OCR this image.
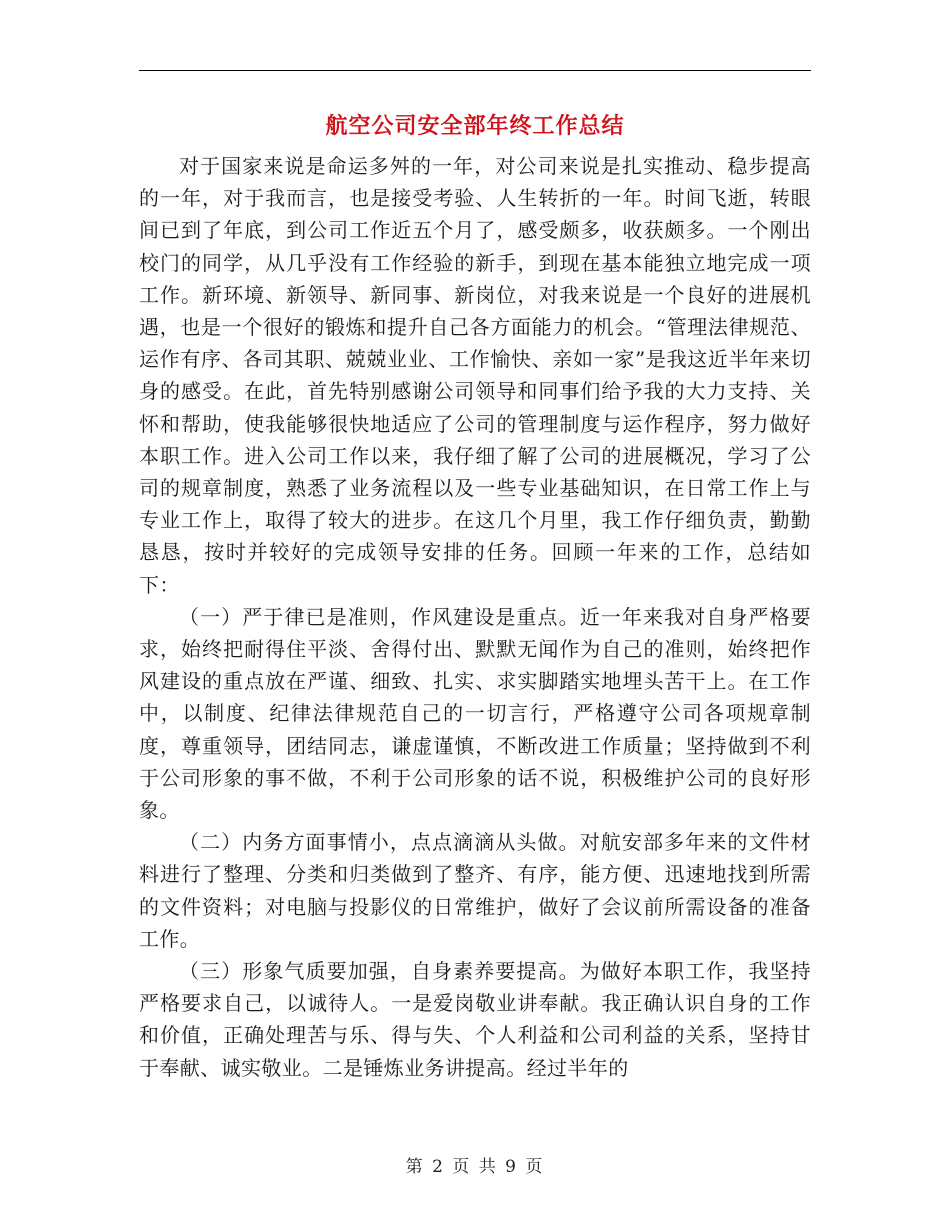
航空公司安全部年终工作总结

对于国家来说是命运多舛的一年，对公司来说是扎实推动、稳步提高的一年，对于我而言，也是接受考验、人生转折的一年。时间飞逝，转眼间已到了年底，到公司工作近五个月了，感受颇多，收获颇多。一个刚出校门的同学，从几乎没有工作经验的新手，到现在基本能独立地完成一项工作。新环境、新领导、新同事、新岗位，对我来说是一个良好的进展机遇，也是一个很好的锻炼和提升自己各方面能力的机会。“管理法律规范、运作有序、各司其职、兢兢业业、工作愉快、亲如一家”是我这近半年来切身的感受。在此，首先特别感谢公司领导和同事们给予我的大力支持、关怀和帮助，使我能够很快地适应了公司的管理制度与运作程序，努力做好本职工作。进入公司工作以来，我仔细了解了公司的进展概况，学习了公司的规章制度，熟悉了业务流程以及一些专业基础知识，在日常工作上与专业工作上，取得了较大的进步。在这几个月里，我工作仔细负责，勤勤恳恳，按时并较好的完成领导安排的任务。回顾一年来的工作，总结如下：

（一）严于律已是准则，作风建设是重点。近一年来我对自身严格要求，始终把耐得住平淡、舍得付出、默默无闻作为自己的准则，始终把作风建设的重点放在严谨、细致、扎实、求实脚踏实地埋头苦干上。在工作中，以制度、纪律法律规范自己的一切言行，严格遵守公司各项规章制度，尊重领导，团结同志，谦虚谨慎，不断改进工作质量；坚持做到不利于公司形象的事不做，不利于公司形象的话不说，积极维护公司的良好形象。

（二）内务方面事情小，点点滴滴从头做。对航安部多年来的文件材料进行了整理、分类和归类做到了整齐、有序，能方便、迅速地找到所需的文件资料；对电脑与投影仪的日常维护，做好了会议前所需设备的准备工作。

（三）形象气质要加强，自身素养要提高。为做好本职工作，我坚持严格要求自己，以诚待人。一是爱岗敬业讲奉献。我正确认识自身的工作和价值，正确处理苦与乐、得与失、个人利益和公司利益的关系，坚持甘于奉献、诚实敬业。二是锤炼业务讲提高。经过半年的

第 2 页 共 9 页
